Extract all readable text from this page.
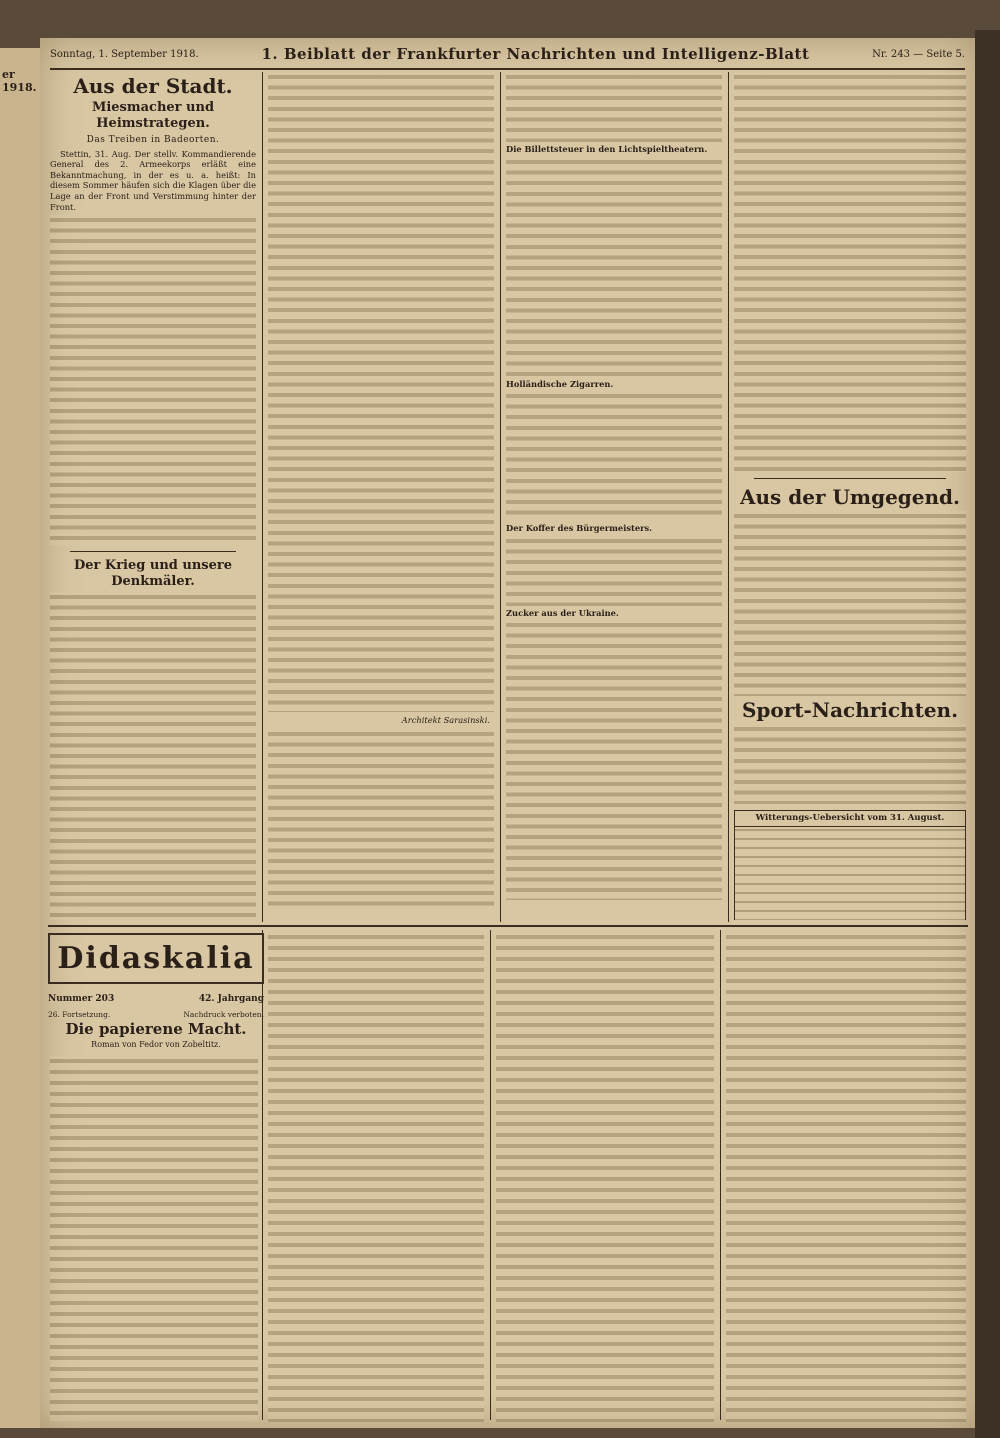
er 1918.
Sonntag, 1. September 1918.	1. Beiblatt der Frankfurter Nachrichten und Intelligenz-Blatt	Nr. 243 — Seite 5.
Aus der Stadt.
Miesmacher und Heimstrategen.
Das Treiben in Badeorten.

Stettin, 31. Aug. Der stellv. Kommandierende General des 2. Armeekorps erläßt eine Bekanntmachung, in der es u. a. heißt: In diesem Sommer häufen sich die Klagen über die Lage an der Front und Verstimmung hinter der Front.

Der Krieg und unsere Denkmäler.
Architekt Sarasinski.
Die Billettsteuer in den Lichtspieltheatern.
Holländische Zigarren.
Der Koffer des Bürgermeisters.
Zucker aus der Ukraine.
Aus der Umgegend.
Sport-Nachrichten.
Witterungs-Uebersicht vom 31. August.
Didaskalia
Nummer 203	42. Jahrgang
26. Fortsetzung.	Nachdruck verboten.
Die papierene Macht.
Roman von Fedor von Zobeltitz.
